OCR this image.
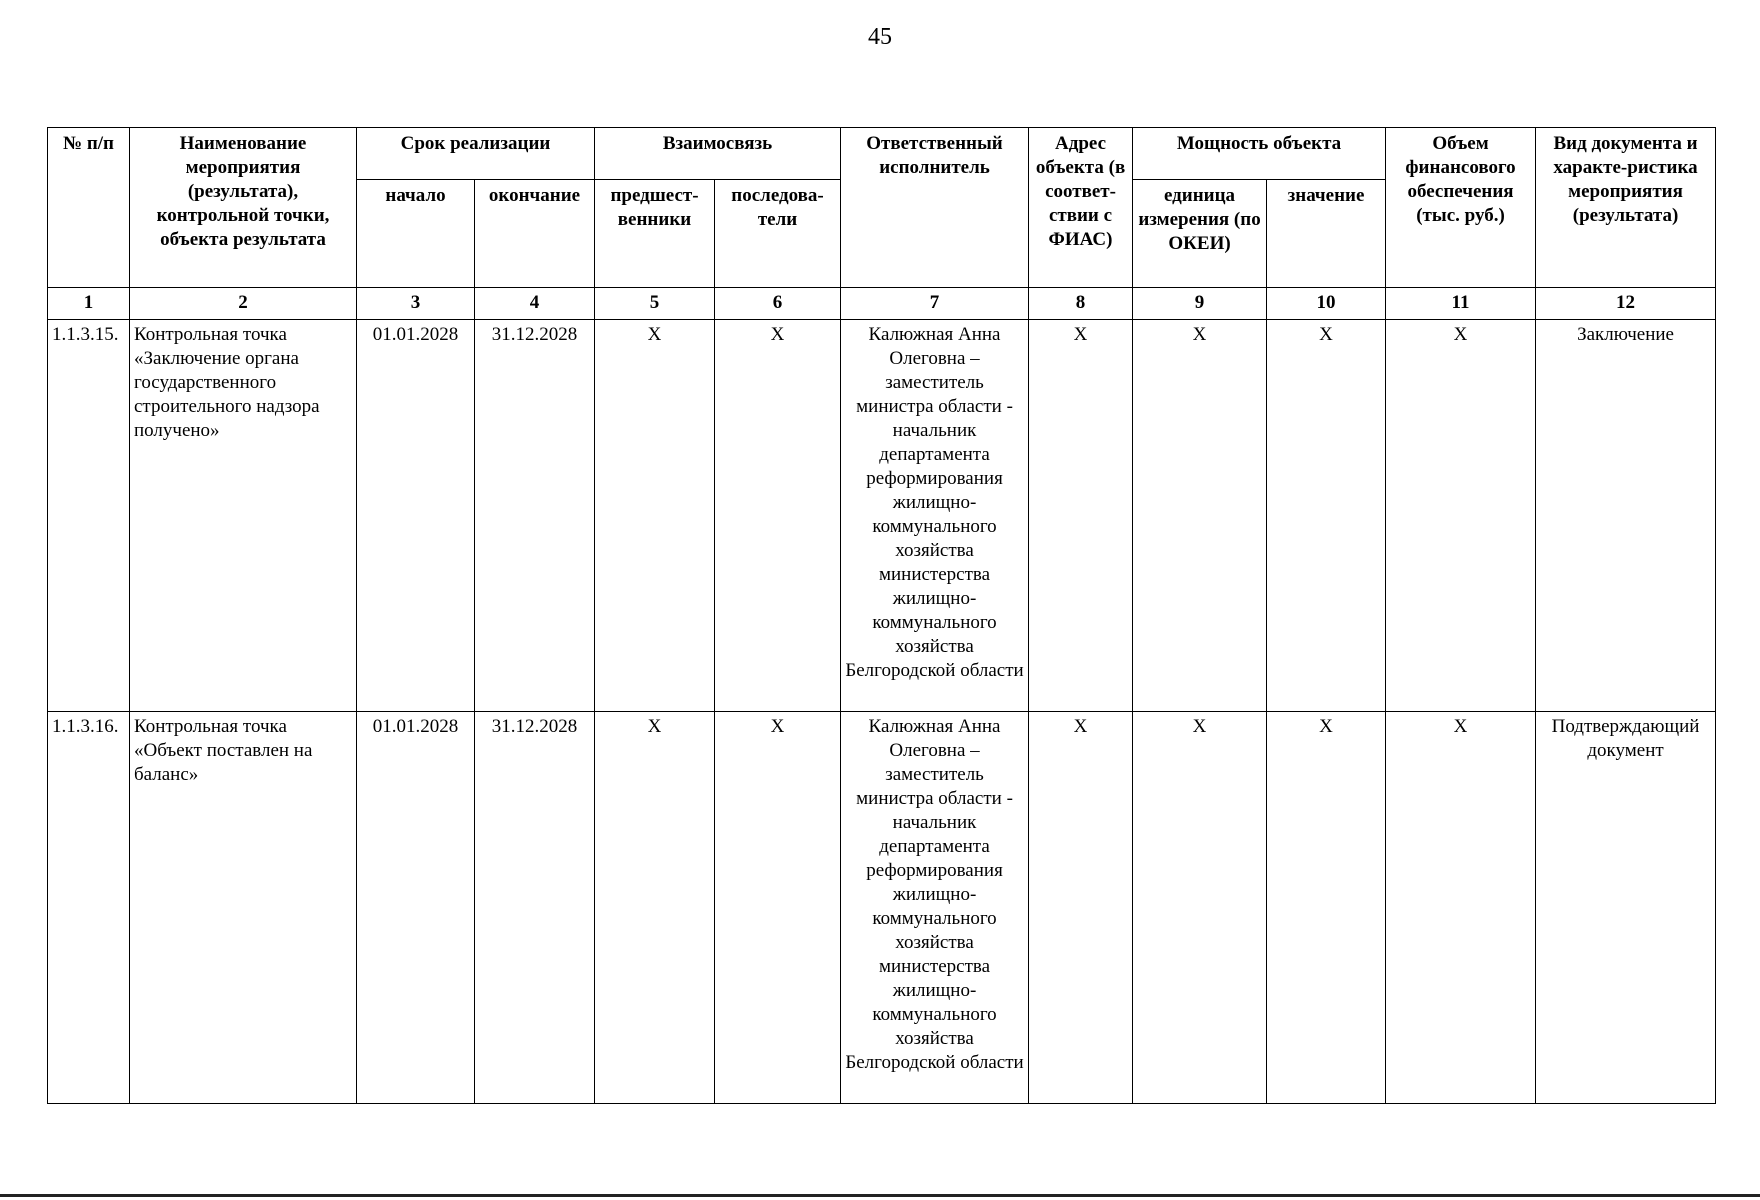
45
№ п/п	Наименование мероприятия (результата), контрольной точки, объекта результата	Срок реализации		Взаимосвязь		Ответственный исполнитель	Адрес объекта (в соответ-ствии с ФИАС)	Мощность объекта		Объем финансового обеспечения (тыс. руб.)	Вид документа и характе-ристика мероприятия (результата)
		начало	окончание	предшест-венники	последова-тели			единица измерения (по ОКЕИ)	значение		
1	2	3	4	5	6	7	8	9	10	11	12
1.1.3.15.	Контрольная точка «Заключение органа государственного строительного надзора получено»	01.01.2028	31.12.2028	X	X	Калюжная Анна Олеговна – заместитель министра области - начальник департамента реформирования жилищно-коммунального хозяйства министерства жилищно-коммунального хозяйства Белгородской области	X	X	X	X	Заключение
1.1.3.16.	Контрольная точка «Объект поставлен на баланс»	01.01.2028	31.12.2028	X	X	Калюжная Анна Олеговна – заместитель министра области - начальник департамента реформирования жилищно-коммунального хозяйства министерства жилищно-коммунального хозяйства Белгородской области	X	X	X	X	Подтверждающий документ
